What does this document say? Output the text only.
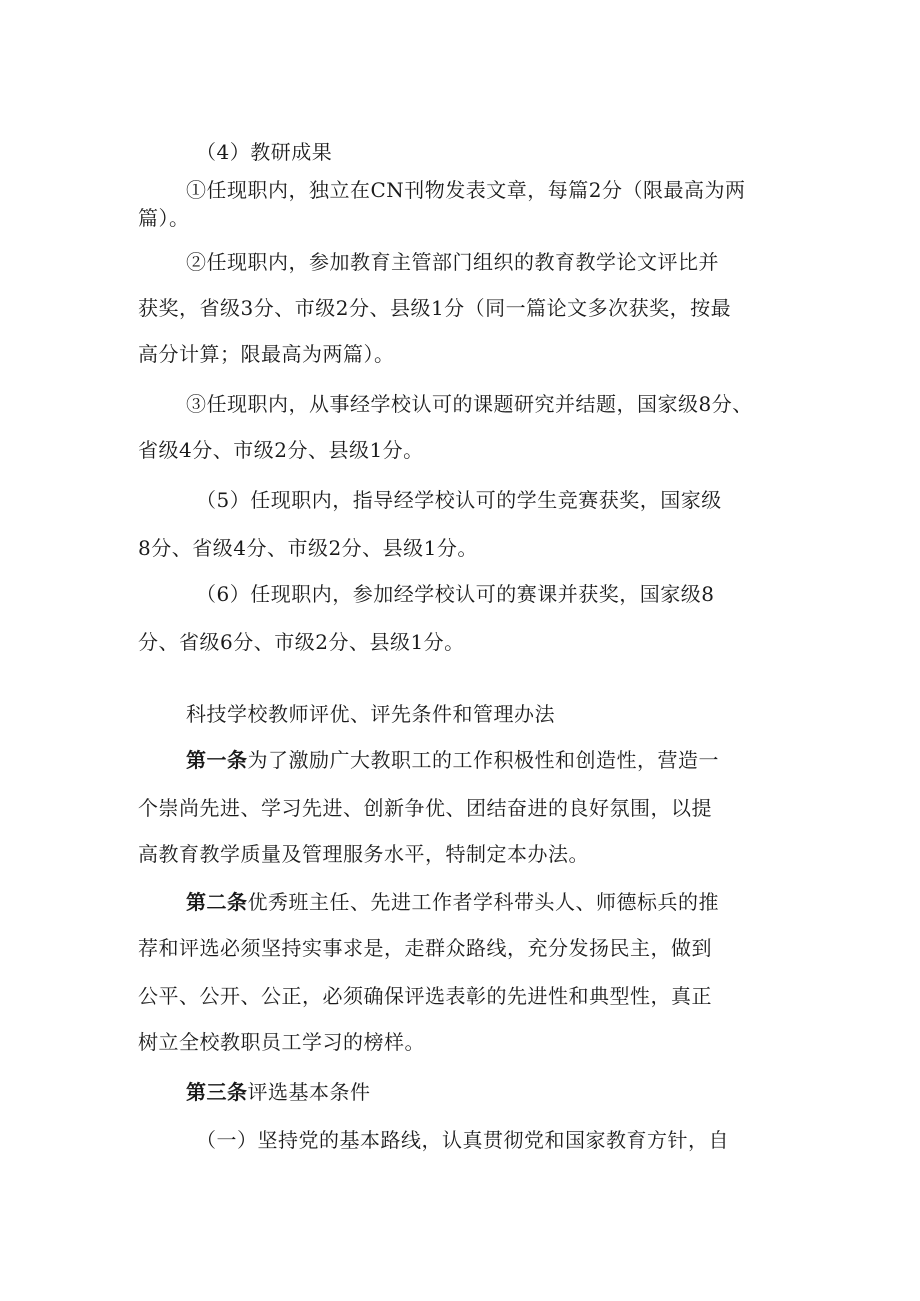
（4）教研成果
①任现职内，独立在CN刊物发表文章，每篇2分（限最高为两
篇）。
②任现职内，参加教育主管部门组织的教育教学论文评比并
获奖，省级3分、市级2分、县级1分（同一篇论文多次获奖，按最
高分计算；限最高为两篇）。
③任现职内，从事经学校认可的课题研究并结题，国家级8分、
省级4分、市级2分、县级1分。
（5）任现职内，指导经学校认可的学生竞赛获奖，国家级
8分、省级4分、市级2分、县级1分。
（6）任现职内，参加经学校认可的赛课并获奖，国家级8
分、省级6分、市级2分、县级1分。
科技学校教师评优、评先条件和管理办法
第一条为了激励广大教职工的工作积极性和创造性，营造一
个崇尚先进、学习先进、创新争优、团结奋进的良好氛围，以提
高教育教学质量及管理服务水平，特制定本办法。
第二条优秀班主任、先进工作者学科带头人、师德标兵的推
荐和评选必须坚持实事求是，走群众路线，充分发扬民主，做到
公平、公开、公正，必须确保评选表彰的先进性和典型性，真正
树立全校教职员工学习的榜样。
第三条评选基本条件
（一）坚持党的基本路线，认真贯彻党和国家教育方针，自
